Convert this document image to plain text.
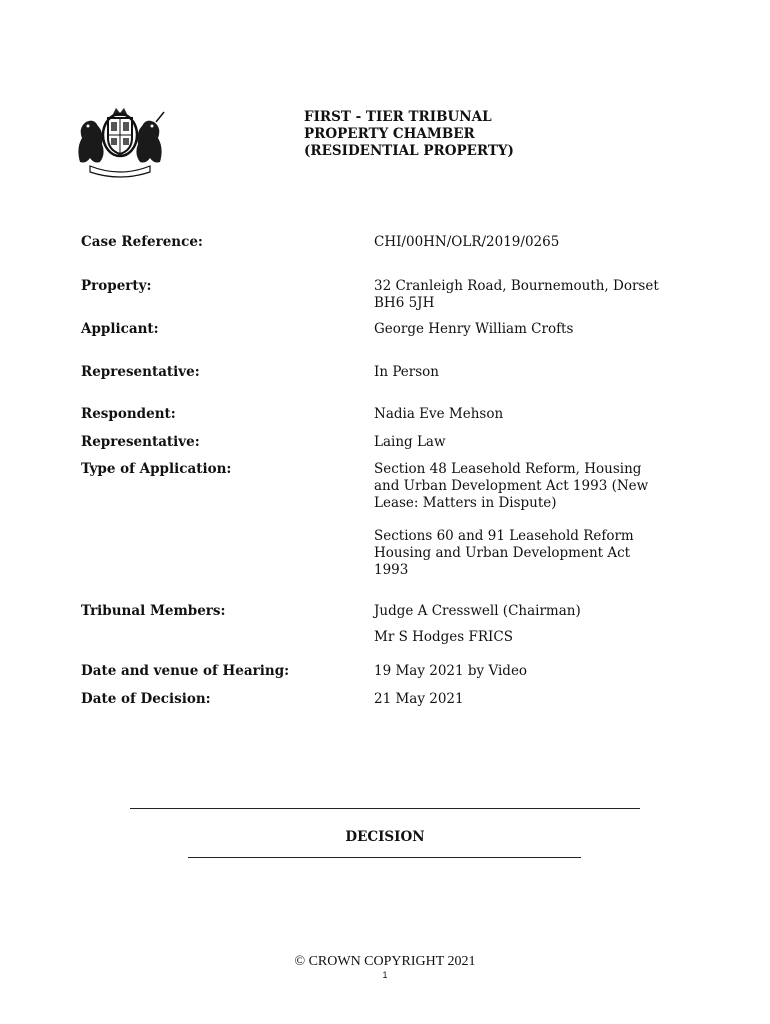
FIRST - TIER TRIBUNAL
PROPERTY CHAMBER
(RESIDENTIAL PROPERTY)
Case Reference:	CHI/00HN/OLR/2019/0265
Property:	32 Cranleigh Road, Bournemouth, Dorset BH6 5JH
Applicant:	George Henry William Crofts
Representative:	In Person
Respondent:	Nadia Eve Mehson
Representative:	Laing Law
Type of Application:	Section 48 Leasehold Reform, Housing and Urban Development Act 1993 (New Lease: Matters in Dispute)
Sections 60 and 91 Leasehold Reform Housing and Urban Development Act 1993
Tribunal Members:	Judge A Cresswell (Chairman)
Mr S Hodges FRICS
Date and venue of Hearing:	19 May 2021 by Video
Date of Decision:	21 May 2021
DECISION
© CROWN COPYRIGHT 2021
1
